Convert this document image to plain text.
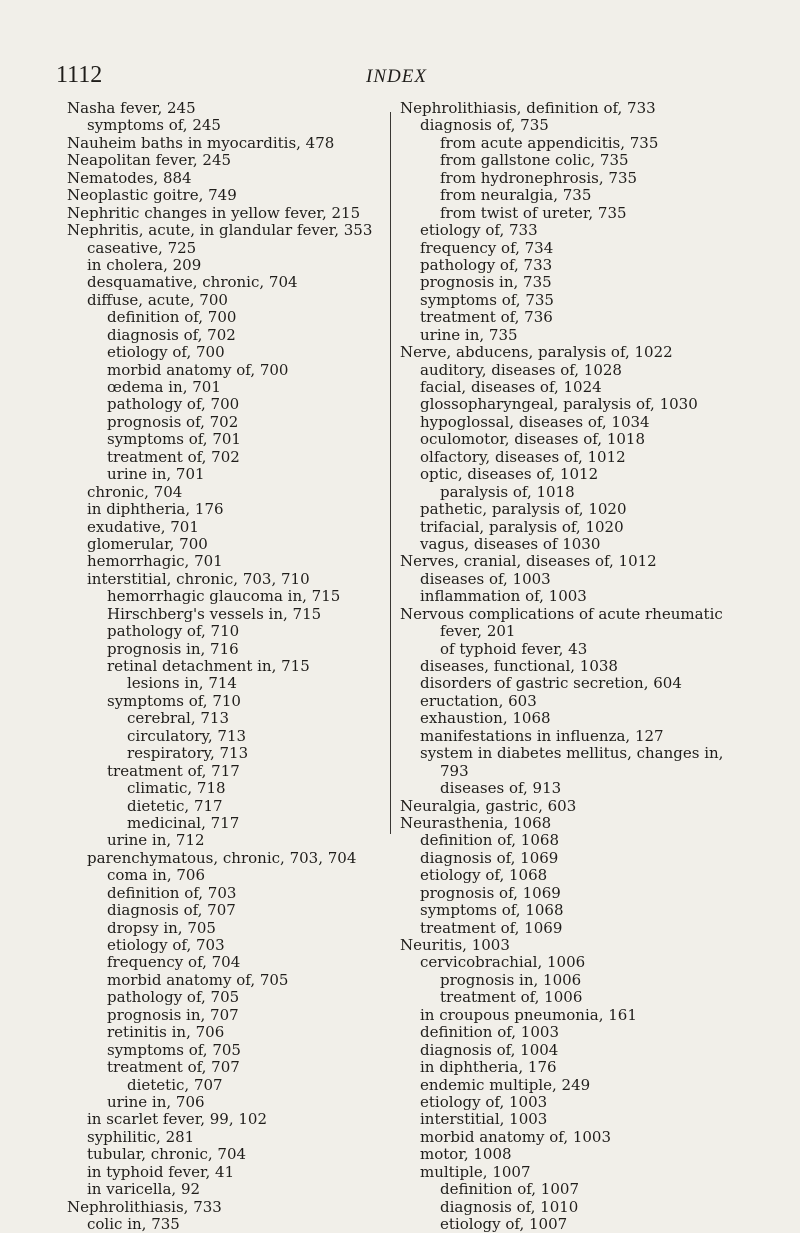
1112	INDEX
Nasha fever, 245
symptoms of, 245
Nauheim baths in myocarditis, 478
Neapolitan fever, 245
Nematodes, 884
Neoplastic goitre, 749
Nephritic changes in yellow fever, 215
Nephritis, acute, in glandular fever, 353
caseative, 725
in cholera, 209
desquamative, chronic, 704
diffuse, acute, 700
definition of, 700
diagnosis of, 702
etiology of, 700
morbid anatomy of, 700
œdema in, 701
pathology of, 700
prognosis of, 702
symptoms of, 701
treatment of, 702
urine in, 701
chronic, 704
in diphtheria, 176
exudative, 701
glomerular, 700
hemorrhagic, 701
interstitial, chronic, 703, 710
hemorrhagic glaucoma in, 715
Hirschberg's vessels in, 715
pathology of, 710
prognosis in, 716
retinal detachment in, 715
lesions in, 714
symptoms of, 710
cerebral, 713
circulatory, 713
respiratory, 713
treatment of, 717
climatic, 718
dietetic, 717
medicinal, 717
urine in, 712
parenchymatous, chronic, 703, 704
coma in, 706
definition of, 703
diagnosis of, 707
dropsy in, 705
etiology of, 703
frequency of, 704
morbid anatomy of, 705
pathology of, 705
prognosis in, 707
retinitis in, 706
symptoms of, 705
treatment of, 707
dietetic, 707
urine in, 706
in scarlet fever, 99, 102
syphilitic, 281
tubular, chronic, 704
in typhoid fever, 41
in varicella, 92
Nephrolithiasis, 733
colic in, 735
Nephrolithiasis, definition of, 733
diagnosis of, 735
from acute appendicitis, 735
from gallstone colic, 735
from hydronephrosis, 735
from neuralgia, 735
from twist of ureter, 735
etiology of, 733
frequency of, 734
pathology of, 733
prognosis in, 735
symptoms of, 735
treatment of, 736
urine in, 735
Nerve, abducens, paralysis of, 1022
auditory, diseases of, 1028
facial, diseases of, 1024
glossopharyngeal, paralysis of, 1030
hypoglossal, diseases of, 1034
oculomotor, diseases of, 1018
olfactory, diseases of, 1012
optic, diseases of, 1012
paralysis of, 1018
pathetic, paralysis of, 1020
trifacial, paralysis of, 1020
vagus, diseases of 1030
Nerves, cranial, diseases of, 1012
diseases of, 1003
inflammation of, 1003
Nervous complications of acute rheumatic
fever, 201
of typhoid fever, 43
diseases, functional, 1038
disorders of gastric secretion, 604
eructation, 603
exhaustion, 1068
manifestations in influenza, 127
system in diabetes mellitus, changes in,
793
diseases of, 913
Neuralgia, gastric, 603
Neurasthenia, 1068
definition of, 1068
diagnosis of, 1069
etiology of, 1068
prognosis of, 1069
symptoms of, 1068
treatment of, 1069
Neuritis, 1003
cervicobrachial, 1006
prognosis in, 1006
treatment of, 1006
in croupous pneumonia, 161
definition of, 1003
diagnosis of, 1004
in diphtheria, 176
endemic multiple, 249
etiology of, 1003
interstitial, 1003
morbid anatomy of, 1003
motor, 1008
multiple, 1007
definition of, 1007
diagnosis of, 1010
etiology of, 1007
